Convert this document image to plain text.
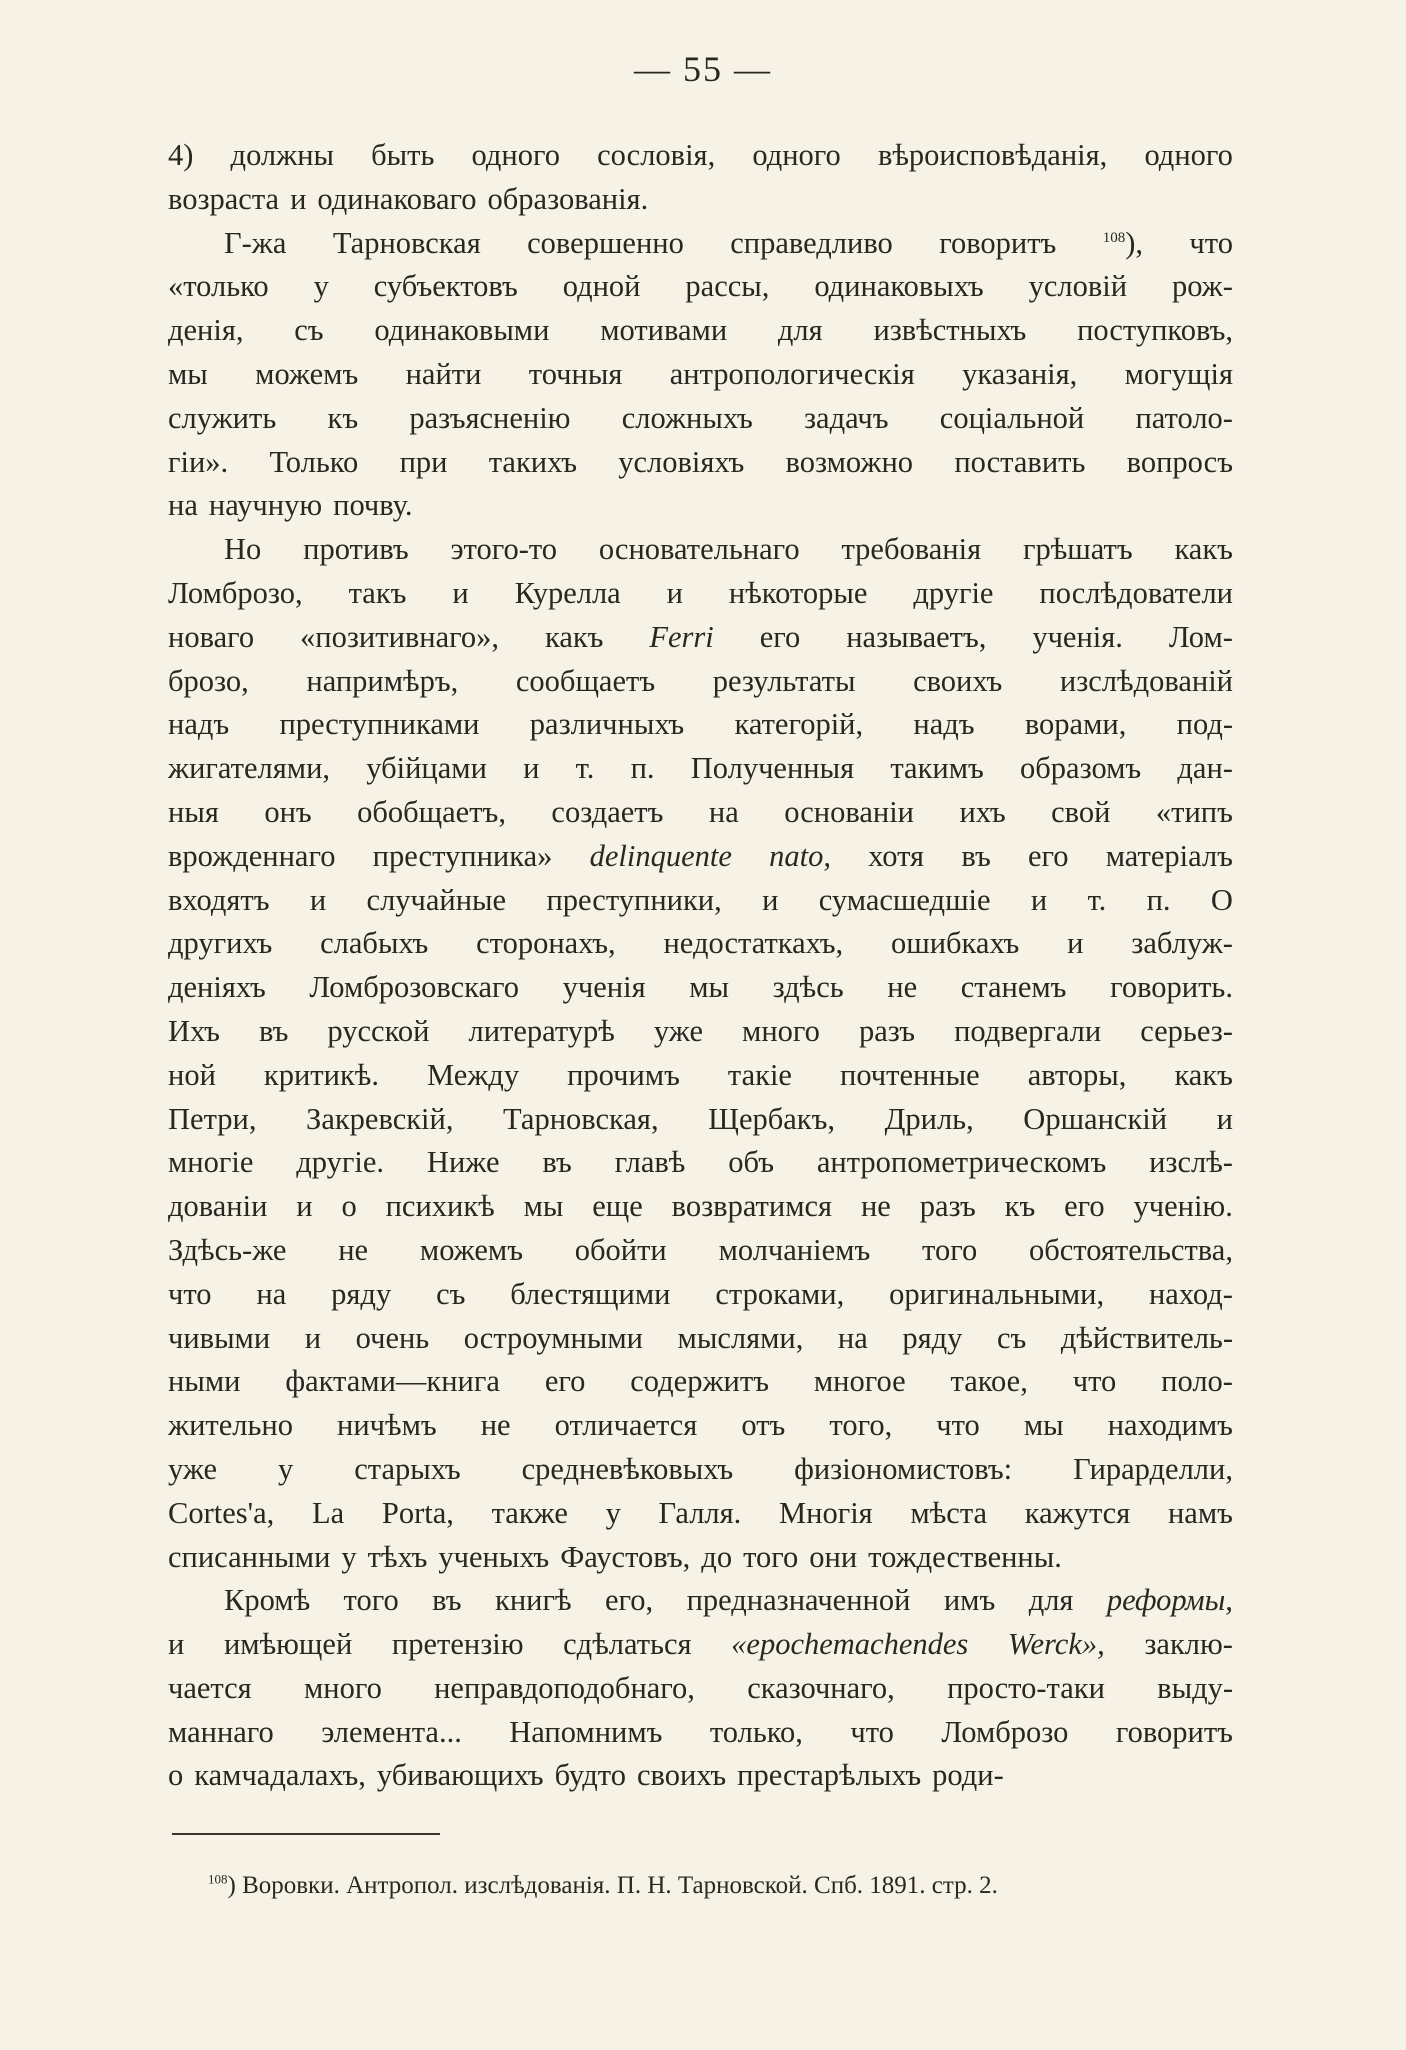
— 55 —
4) должны быть одного сословія, одного вѣроисповѣданія, одного
возраста и одинаковаго образованія.
Г-жа Тарновская совершенно справедливо говоритъ	$^{108}$), что
«только у субъектовъ одной рассы, одинаковыхъ условій рож-
денія, съ одинаковыми мотивами для извѣстныхъ поступковъ,
мы можемъ найти точныя антропологическія указанія, могущія
служить къ разъясненію сложныхъ задачъ соціальной патоло-
гіи». Только при такихъ условіяхъ возможно поставить вопросъ
на научную почву.
Но противъ этого-то основательнаго требованія грѣшатъ какъ
Ломброзо, такъ и Курелла и нѣкоторые другіе послѣдователи
новаго «позитивнаго», какъ Ferri его называетъ, ученія. Лом-
брозо, напримѣръ, сообщаетъ результаты своихъ изслѣдованій
надъ преступниками различныхъ категорій, надъ ворами, под-
жигателями, убійцами и т. п. Полученныя такимъ образомъ дан-
ныя онъ обобщаетъ, создаетъ на основаніи ихъ свой «типъ
врожденнаго преступника» delinquente nato, хотя въ его матеріалъ
входятъ и случайные преступники, и сумасшедшіе и т. п. О
другихъ слабыхъ сторонахъ, недостаткахъ, ошибкахъ и заблуж-
деніяхъ Ломброзовскаго ученія мы здѣсь не станемъ говорить.
Ихъ въ русской литературѣ уже много разъ подвергали серьез-
ной критикѣ. Между прочимъ такіе почтенные авторы, какъ
Петри, Закревскій, Тарновская, Щербакъ, Дриль, Оршанскій и
многіе другіе. Ниже въ главѣ объ антропометрическомъ изслѣ-
дованіи и о психикѣ мы еще возвратимся не разъ къ его ученію.
Здѣсь-же не можемъ обойти молчаніемъ того обстоятельства,
что на ряду съ блестящими строками, оригинальными, наход-
чивыми и очень остроумными мыслями, на ряду съ дѣйствитель-
ными фактами—книга его содержитъ многое такое, что поло-
жительно ничѣмъ не отличается отъ того, что мы находимъ
уже у старыхъ средневѣковыхъ физіономистовъ: Гирарделли,
Cortes'a, La Porta, также у Галля. Многія мѣста кажутся намъ
списанными у тѣхъ ученыхъ Фаустовъ, до того они тождественны.
Кромѣ того въ книгѣ его, предназначенной имъ для реформы,
и имѣющей претензію сдѣлаться «epochemachendes Werck», заклю-
чается много неправдоподобнаго, сказочнаго, просто-таки выду-
маннаго элемента... Напомнимъ только, что Ломброзо говоритъ
о камчадалахъ, убивающихъ будто своихъ престарѣлыхъ роди-
$^{108}$) Воровки. Антропол. изслѣдованія. П. Н. Тарновской. Спб. 1891. стр. 2.
